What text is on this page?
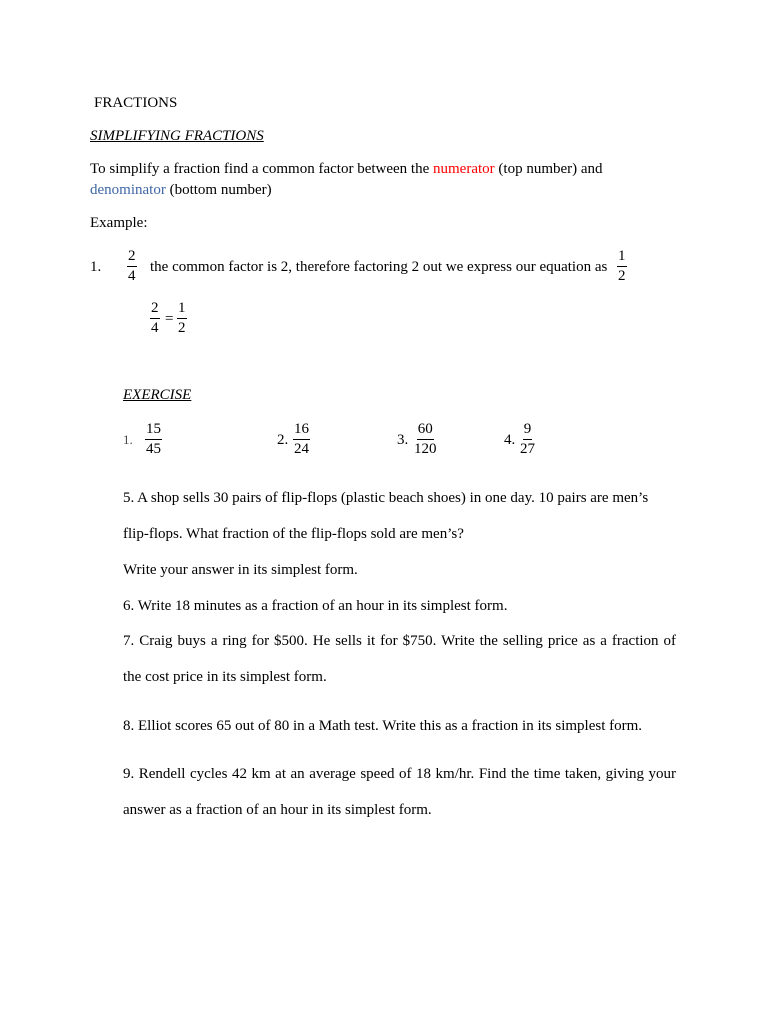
FRACTIONS
SIMPLIFYING FRACTIONS
To simplify a fraction find a common factor between the numerator (top number) and
denominator (bottom number)
Example:
1. $\frac{2}{4}$ the common factor is 2, therefore factoring 2 out we express our equation as $\frac{1}{2}$
$\frac{2}{4} = \frac{1}{2}$
EXERCISE
1. $\frac{15}{45}$	2. $\frac{16}{24}$	3. $\frac{60}{120}$	4. $\frac{9}{27}$
5. A shop sells 30 pairs of flip-flops (plastic beach shoes) in one day. 10 pairs are men’s
flip-flops. What fraction of the flip-flops sold are men’s?
Write your answer in its simplest form.
6. Write 18 minutes as a fraction of an hour in its simplest form.
7. Craig buys a ring for $500. He sells it for $750. Write the selling price as a fraction of
the cost price in its simplest form.
8. Elliot scores 65 out of 80 in a Math test. Write this as a fraction in its simplest form.
9. Rendell cycles 42 km at an average speed of 18 km/hr. Find the time taken, giving your
answer as a fraction of an hour in its simplest form.
